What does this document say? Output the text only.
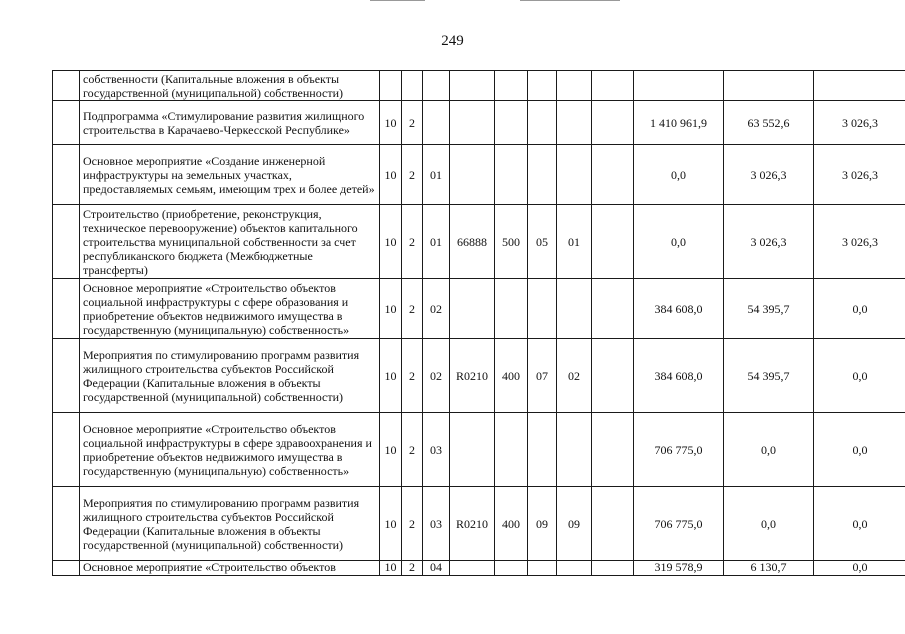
249
	собственности (Капитальные вложения в объекты государственной (муниципальной) собственности)											
	Подпрограмма «Стимулирование развития жилищного строительства в Карачаево-Черкесской Республике»	10	2							1 410 961,9	63 552,6	3 026,3
	Основное мероприятие «Создание инженерной инфраструктуры на земельных участках, предоставляемых семьям, имеющим трех и более детей»	10	2	01						0,0	3 026,3	3 026,3
	Строительство (приобретение, реконструкция, техническое перевооружение) объектов капитального строительства муниципальной собственности за счет республиканского бюджета (Межбюджетные трансферты)	10	2	01	66888	500	05	01		0,0	3 026,3	3 026,3
	Основное мероприятие «Строительство объектов социальной инфраструктуры с сфере образования и приобретение объектов недвижимого имущества в государственную (муниципальную) собственность»	10	2	02						384 608,0	54 395,7	0,0
	Мероприятия по стимулированию программ развития жилищного строительства субъектов Российской Федерации (Капитальные вложения в объекты государственной (муниципальной) собственности)	10	2	02	R0210	400	07	02		384 608,0	54 395,7	0,0
	Основное мероприятие «Строительство объектов социальной инфраструктуры в сфере здравоохранения и приобретение объектов недвижимого имущества в государственную (муниципальную) собственность»	10	2	03						706 775,0	0,0	0,0
	Мероприятия по стимулированию программ развития жилищного строительства субъектов Российской Федерации (Капитальные вложения в объекты государственной (муниципальной) собственности)	10	2	03	R0210	400	09	09		706 775,0	0,0	0,0
	Основное мероприятие «Строительство объектов	10	2	04						319 578,9	6 130,7	0,0
